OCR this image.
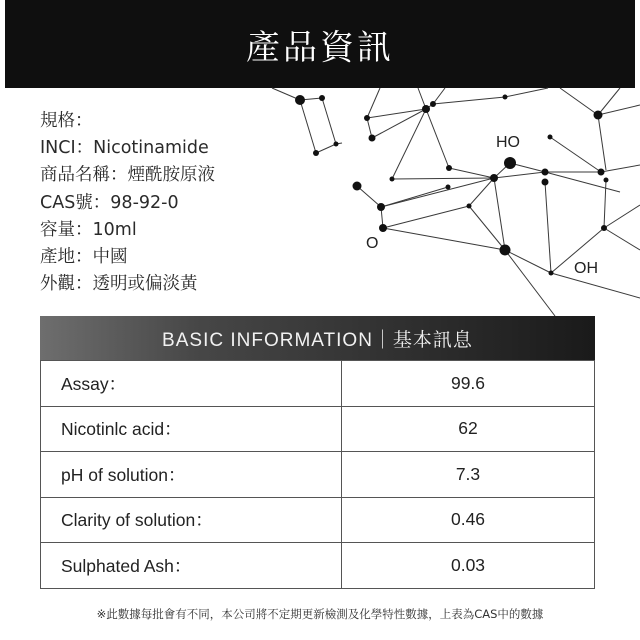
產品資訊
規格：
INCI：Nicotinamide
商品名稱：煙酰胺原液
CAS號：98-92-0
容量：10ml
產地：中國
外觀：透明或偏淡黃
HO
O
OH
BASIC INFORMATION｜基本訊息
Assay：	99.6
Nicotinlc acid：	62
pH of solution：	7.3
Clarity of solution：	0.46
Sulphated Ash：	0.03
※此數據每批會有不同，本公司將不定期更新檢測及化學特性數據，上表為CAS中的數據
